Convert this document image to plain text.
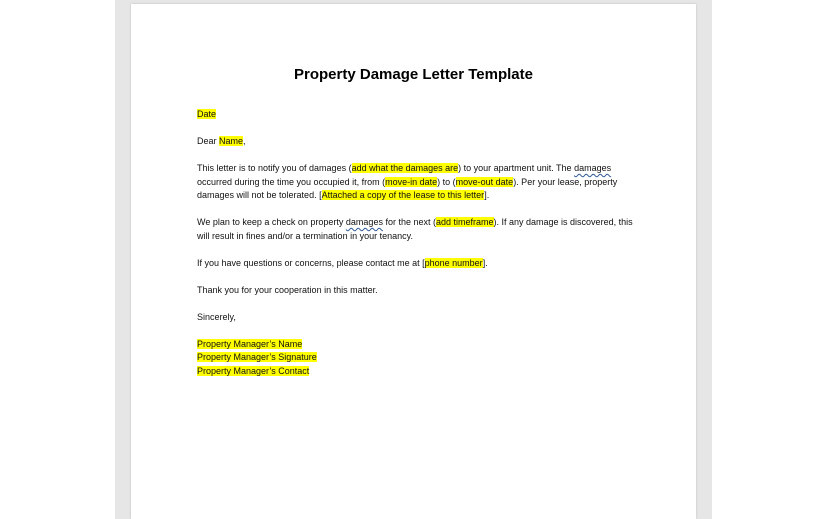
Property Damage Letter Template

Date

Dear Name,

This letter is to notify you of damages (add what the damages are) to your apartment unit. The damages occurred during the time you occupied it, from (move-in date) to (move-out date). Per your lease, property damages will not be tolerated. [Attached a copy of the lease to this letter].

We plan to keep a check on property damages for the next (add timeframe). If any damage is discovered, this will result in fines and/or a termination in your tenancy.

If you have questions or concerns, please contact me at [phone number].

Thank you for your cooperation in this matter.

Sincerely,

Property Manager’s Name
Property Manager’s Signature
Property Manager’s Contact
